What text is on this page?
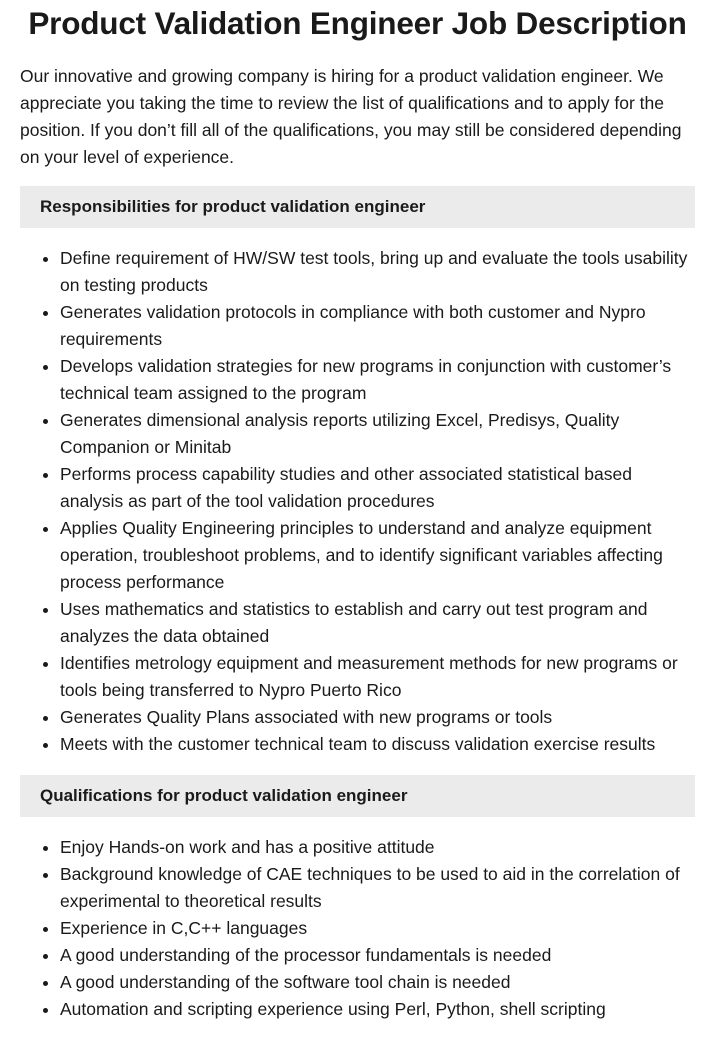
Product Validation Engineer Job Description

Our innovative and growing company is hiring for a product validation engineer. We appreciate you taking the time to review the list of qualifications and to apply for the position. If you don’t fill all of the qualifications, you may still be considered depending on your level of experience.

Responsibilities for product validation engineer
• Define requirement of HW/SW test tools, bring up and evaluate the tools usability on testing products
• Generates validation protocols in compliance with both customer and Nypro requirements
• Develops validation strategies for new programs in conjunction with customer’s technical team assigned to the program
• Generates dimensional analysis reports utilizing Excel, Predisys, Quality Companion or Minitab
• Performs process capability studies and other associated statistical based analysis as part of the tool validation procedures
• Applies Quality Engineering principles to understand and analyze equipment operation, troubleshoot problems, and to identify significant variables affecting process performance
• Uses mathematics and statistics to establish and carry out test program and analyzes the data obtained
• Identifies metrology equipment and measurement methods for new programs or tools being transferred to Nypro Puerto Rico
• Generates Quality Plans associated with new programs or tools
• Meets with the customer technical team to discuss validation exercise results
Qualifications for product validation engineer
• Enjoy Hands-on work and has a positive attitude
• Background knowledge of CAE techniques to be used to aid in the correlation of experimental to theoretical results
• Experience in C,C++ languages
• A good understanding of the processor fundamentals is needed
• A good understanding of the software tool chain is needed
• Automation and scripting experience using Perl, Python, shell scripting
